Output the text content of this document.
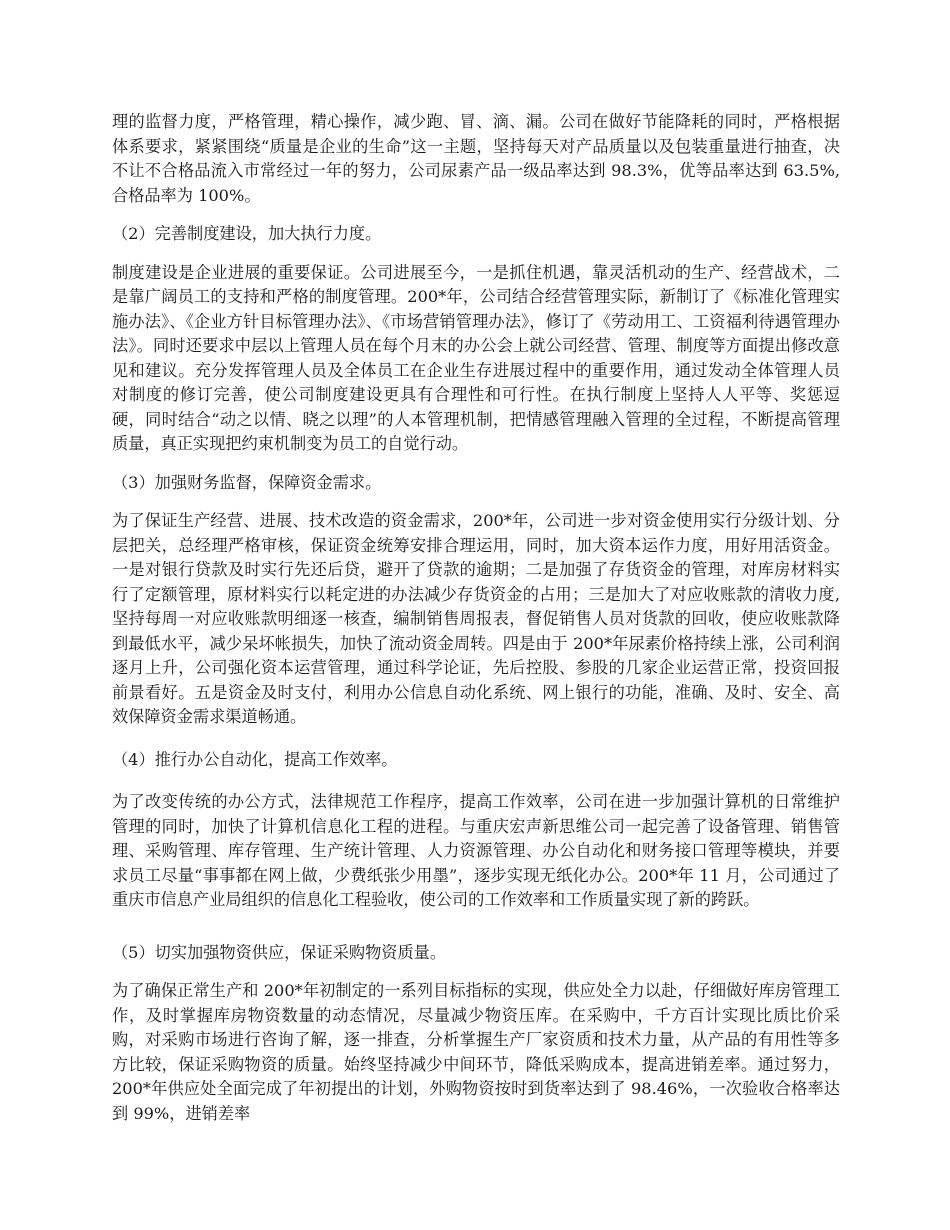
理的监督力度，严格管理，精心操作，减少跑、冒、滴、漏。公司在做好节能降耗的同时，严格根据体系要求，紧紧围绕“质量是企业的生命”这一主题，坚持每天对产品质量以及包装重量进行抽查，决不让不合格品流入市常经过一年的努力，公司尿素产品一级品率达到 98.3%，优等品率达到 63.5%,合格品率为 100%。

（2）完善制度建设，加大执行力度。

制度建设是企业进展的重要保证。公司进展至今，一是抓住机遇，靠灵活机动的生产、经营战术，二是靠广阔员工的支持和严格的制度管理。200*年，公司结合经营管理实际，新制订了《标准化管理实施办法》、《企业方针目标管理办法》、《市场营销管理办法》，修订了《劳动用工、工资福利待遇管理办法》。同时还要求中层以上管理人员在每个月末的办公会上就公司经营、管理、制度等方面提出修改意见和建议。充分发挥管理人员及全体员工在企业生存进展过程中的重要作用，通过发动全体管理人员对制度的修订完善，使公司制度建设更具有合理性和可行性。在执行制度上坚持人人平等、奖惩逗硬，同时结合“动之以情、晓之以理”的人本管理机制，把情感管理融入管理的全过程，不断提高管理质量，真正实现把约束机制变为员工的自觉行动。

（3）加强财务监督，保障资金需求。

为了保证生产经营、进展、技术改造的资金需求，200*年，公司进一步对资金使用实行分级计划、分层把关，总经理严格审核，保证资金统筹安排合理运用，同时，加大资本运作力度，用好用活资金。一是对银行贷款及时实行先还后贷，避开了贷款的逾期；二是加强了存货资金的管理，对库房材料实行了定额管理，原材料实行以耗定进的办法减少存货资金的占用；三是加大了对应收账款的清收力度,坚持每周一对应收账款明细逐一核查，编制销售周报表，督促销售人员对货款的回收，使应收账款降到最低水平，减少呆坏帐损失，加快了流动资金周转。四是由于 200*年尿素价格持续上涨，公司利润逐月上升，公司强化资本运营管理，通过科学论证，先后控股、参股的几家企业运营正常，投资回报前景看好。五是资金及时支付，利用办公信息自动化系统、网上银行的功能，准确、及时、安全、高效保障资金需求渠道畅通。

（4）推行办公自动化，提高工作效率。

为了改变传统的办公方式，法律规范工作程序，提高工作效率，公司在进一步加强计算机的日常维护管理的同时，加快了计算机信息化工程的进程。与重庆宏声新思维公司一起完善了设备管理、销售管理、采购管理、库存管理、生产统计管理、人力资源管理、办公自动化和财务接口管理等模块，并要求员工尽量“事事都在网上做，少费纸张少用墨”，逐步实现无纸化办公。200*年 11 月，公司通过了重庆市信息产业局组织的信息化工程验收，使公司的工作效率和工作质量实现了新的跨跃。

（5）切实加强物资供应，保证采购物资质量。

为了确保正常生产和 200*年初制定的一系列目标指标的实现，供应处全力以赴，仔细做好库房管理工作，及时掌握库房物资数量的动态情况，尽量减少物资压库。在采购中，千方百计实现比质比价采购，对采购市场进行咨询了解，逐一排查，分析掌握生产厂家资质和技术力量，从产品的有用性等多方比较，保证采购物资的质量。始终坚持减少中间环节，降低采购成本，提高进销差率。通过努力，200*年供应处全面完成了年初提出的计划，外购物资按时到货率达到了 98.46%，一次验收合格率达到 99%，进销差率
